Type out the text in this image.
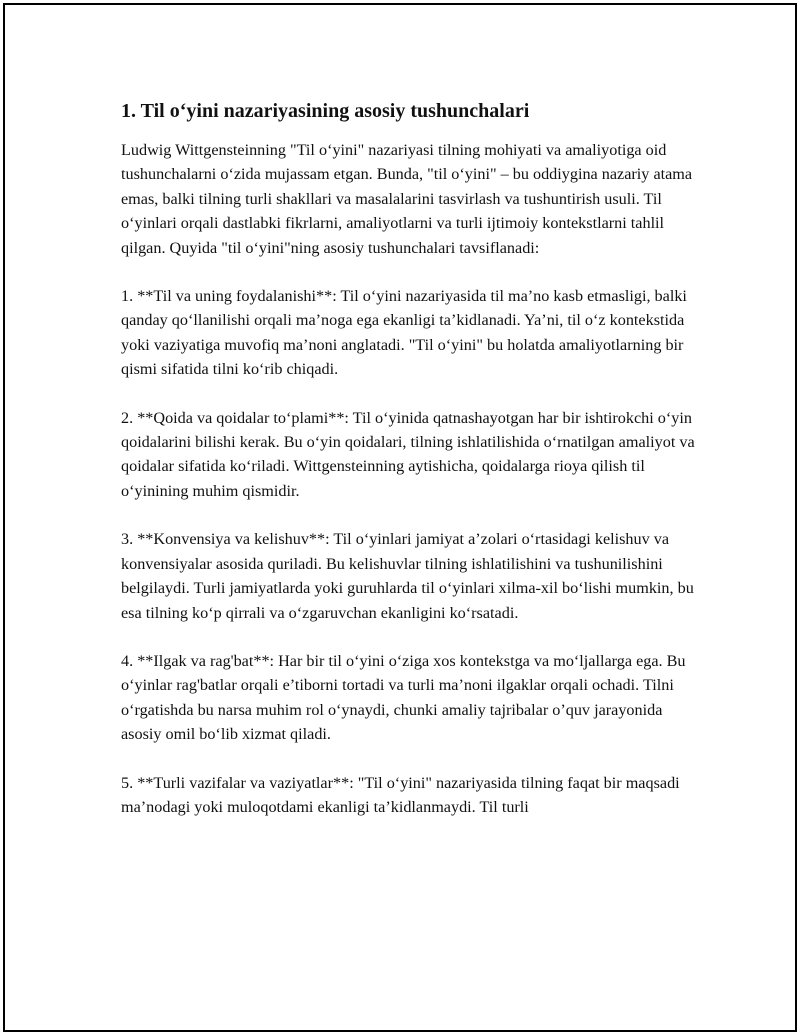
1. Til o‘yini nazariyasining asosiy tushunchalari

Ludwig Wittgensteinning "Til o‘yini" nazariyasi tilning mohiyati va amaliyotiga oid tushunchalarni o‘zida mujassam etgan. Bunda, "til o‘yini" – bu oddiygina nazariy atama emas, balki tilning turli shakllari va masalalarini tasvirlash va tushuntirish usuli. Til o‘yinlari orqali dastlabki fikrlarni, amaliyotlarni va turli ijtimoiy kontekstlarni tahlil qilgan. Quyida "til o‘yini"ning asosiy tushunchalari tavsiflanadi:

1. **Til va uning foydalanishi**: Til o‘yini nazariyasida til ma’no kasb etmasligi, balki qanday qo‘llanilishi orqali ma’noga ega ekanligi ta’kidlanadi. Ya’ni, til o‘z kontekstida yoki vaziyatiga muvofiq ma’noni anglatadi. "Til o‘yini" bu holatda amaliyotlarning bir qismi sifatida tilni ko‘rib chiqadi.

2. **Qoida va qoidalar to‘plami**: Til o‘yinida qatnashayotgan har bir ishtirokchi o‘yin qoidalarini bilishi kerak. Bu o‘yin qoidalari, tilning ishlatilishida o‘rnatilgan amaliyot va qoidalar sifatida ko‘riladi. Wittgensteinning aytishicha, qoidalarga rioya qilish til o‘yinining muhim qismidir.

3. **Konvensiya va kelishuv**: Til o‘yinlari jamiyat a’zolari o‘rtasidagi kelishuv va konvensiyalar asosida quriladi. Bu kelishuvlar tilning ishlatilishini va tushunilishini belgilaydi. Turli jamiyatlarda yoki guruhlarda til o‘yinlari xilma-xil bo‘lishi mumkin, bu esa tilning ko‘p qirrali va o‘zgaruvchan ekanligini ko‘rsatadi.

4. **Ilgak va rag'bat**: Har bir til o‘yini o‘ziga xos kontekstga va mo‘ljallarga ega. Bu o‘yinlar rag'batlar orqali e’tiborni tortadi va turli ma’noni ilgaklar orqali ochadi. Tilni o‘rgatishda bu narsa muhim rol o‘ynaydi, chunki amaliy tajribalar o’quv jarayonida asosiy omil bo‘lib xizmat qiladi.

5. **Turli vazifalar va vaziyatlar**: "Til o‘yini" nazariyasida tilning faqat bir maqsadi ma’nodagi yoki muloqotdami ekanligi ta’kidlanmaydi. Til turli
